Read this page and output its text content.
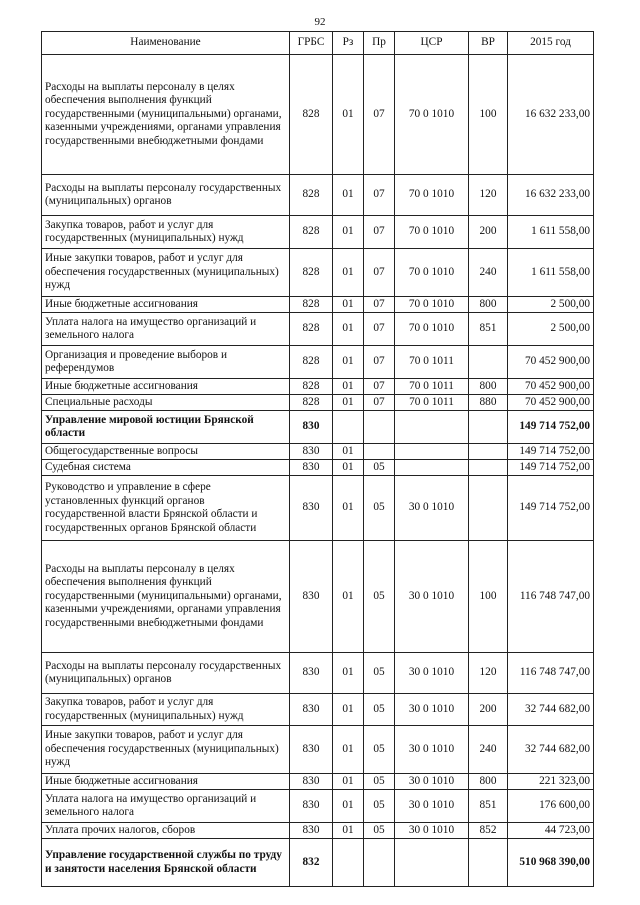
92
Наименование	ГРБС	Рз	Пр	ЦСР	ВР	2015 год
Расходы на выплаты персоналу в целях обеспечения выполнения функций государственными (муниципальными) органами, казенными учреждениями, органами управления государственными внебюджетными фондами	828	01	07	70 0 1010	100	16 632 233,00
Расходы на выплаты персоналу государственных (муниципальных) органов	828	01	07	70 0 1010	120	16 632 233,00
Закупка товаров, работ и услуг для государственных (муниципальных) нужд	828	01	07	70 0 1010	200	1 611 558,00
Иные закупки товаров, работ и услуг для обеспечения государственных (муниципальных) нужд	828	01	07	70 0 1010	240	1 611 558,00
Иные бюджетные ассигнования	828	01	07	70 0 1010	800	2 500,00
Уплата налога на имущество организаций и земельного налога	828	01	07	70 0 1010	851	2 500,00
Организация и проведение выборов и референдумов	828	01	07	70 0 1011		70 452 900,00
Иные бюджетные ассигнования	828	01	07	70 0 1011	800	70 452 900,00
Специальные расходы	828	01	07	70 0 1011	880	70 452 900,00
Управление мировой юстиции Брянской области	830					149 714 752,00
Общегосударственные вопросы	830	01				149 714 752,00
Судебная система	830	01	05			149 714 752,00
Руководство и управление в сфере установленных функций органов государственной власти Брянской области и государственных органов Брянской области	830	01	05	30 0 1010		149 714 752,00
Расходы на выплаты персоналу в целях обеспечения выполнения функций государственными (муниципальными) органами, казенными учреждениями, органами управления государственными внебюджетными фондами	830	01	05	30 0 1010	100	116 748 747,00
Расходы на выплаты персоналу государственных (муниципальных) органов	830	01	05	30 0 1010	120	116 748 747,00
Закупка товаров, работ и услуг для государственных (муниципальных) нужд	830	01	05	30 0 1010	200	32 744 682,00
Иные закупки товаров, работ и услуг для обеспечения государственных (муниципальных) нужд	830	01	05	30 0 1010	240	32 744 682,00
Иные бюджетные ассигнования	830	01	05	30 0 1010	800	221 323,00
Уплата налога на имущество организаций и земельного налога	830	01	05	30 0 1010	851	176 600,00
Уплата прочих налогов, сборов	830	01	05	30 0 1010	852	44 723,00
Управление государственной службы по труду и занятости населения Брянской области	832					510 968 390,00
